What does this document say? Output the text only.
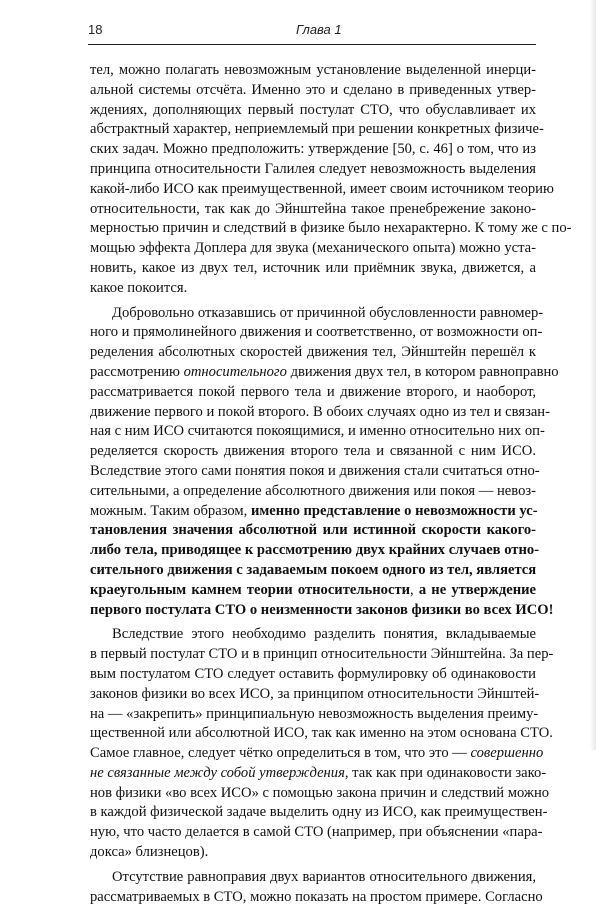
18	Глава 1
тел, можно полагать невозможным установление выделенной инерци-
альной системы отсчёта. Именно это и сделано в приведенных утвер-
ждениях, дополняющих первый постулат СТО, что обуславливает их
абстрактный характер, неприемлемый при решении конкретных физиче-
ских задач. Можно предположить: утверждение [50, с. 46] о том, что из
принципа относительности Галилея следует невозможность выделения
какой-либо ИСО как преимущественной, имеет своим источником теорию
относительности, так как до Эйнштейна такое пренебрежение законо-
мерностью причин и следствий в физике было нехарактерно. К тому же с по-
мощью эффекта Доплера для звука (механического опыта) можно уста-
новить, какое из двух тел, источник или приёмник звука, движется, а
какое покоится.
Добровольно отказавшись от причинной обусловленности равномер-
ного и прямолинейного движения и соответственно, от возможности оп-
ределения абсолютных скоростей движения тел, Эйнштейн перешёл к
рассмотрению относительного движения двух тел, в котором равноправно
рассматривается покой первого тела и движение второго, и наоборот,
движение первого и покой второго. В обоих случаях одно из тел и связан-
ная с ним ИСО считаются покоящимися, и именно относительно них оп-
ределяется скорость движения второго тела и связанной с ним ИСО.
Вследствие этого сами понятия покоя и движения стали считаться отно-
сительными, а определение абсолютного движения или покоя — невоз-
можным. Таким образом, именно представление о невозможности ус-
тановления значения абсолютной или истинной скорости какого-
либо тела, приводящее к рассмотрению двух крайних случаев отно-
сительного движения с задаваемым покоем одного из тел, является
краеугольным камнем теории относительности, а не утверждение
первого постулата СТО о неизменности законов физики во всех ИСО!
Вследствие этого необходимо разделить понятия, вкладываемые
в первый постулат СТО и в принцип относительности Эйнштейна. За пер-
вым постулатом СТО следует оставить формулировку об одинаковости
законов физики во всех ИСО, за принципом относительности Эйнштей-
на — «закрепить» принципиальную невозможность выделения преиму-
щественной или абсолютной ИСО, так как именно на этом основана СТО.
Самое главное, следует чётко определиться в том, что это — совершенно
не связанные между собой утверждения, так как при одинаковости зако-
нов физики «во всех ИСО» с помощью закона причин и следствий можно
в каждой физической задаче выделить одну из ИСО, как преимуществен-
ную, что часто делается в самой СТО (например, при объяснении «пара-
докса» близнецов).
Отсутствие равноправия двух вариантов относительного движения,
рассматриваемых в СТО, можно показать на простом примере. Согласно
